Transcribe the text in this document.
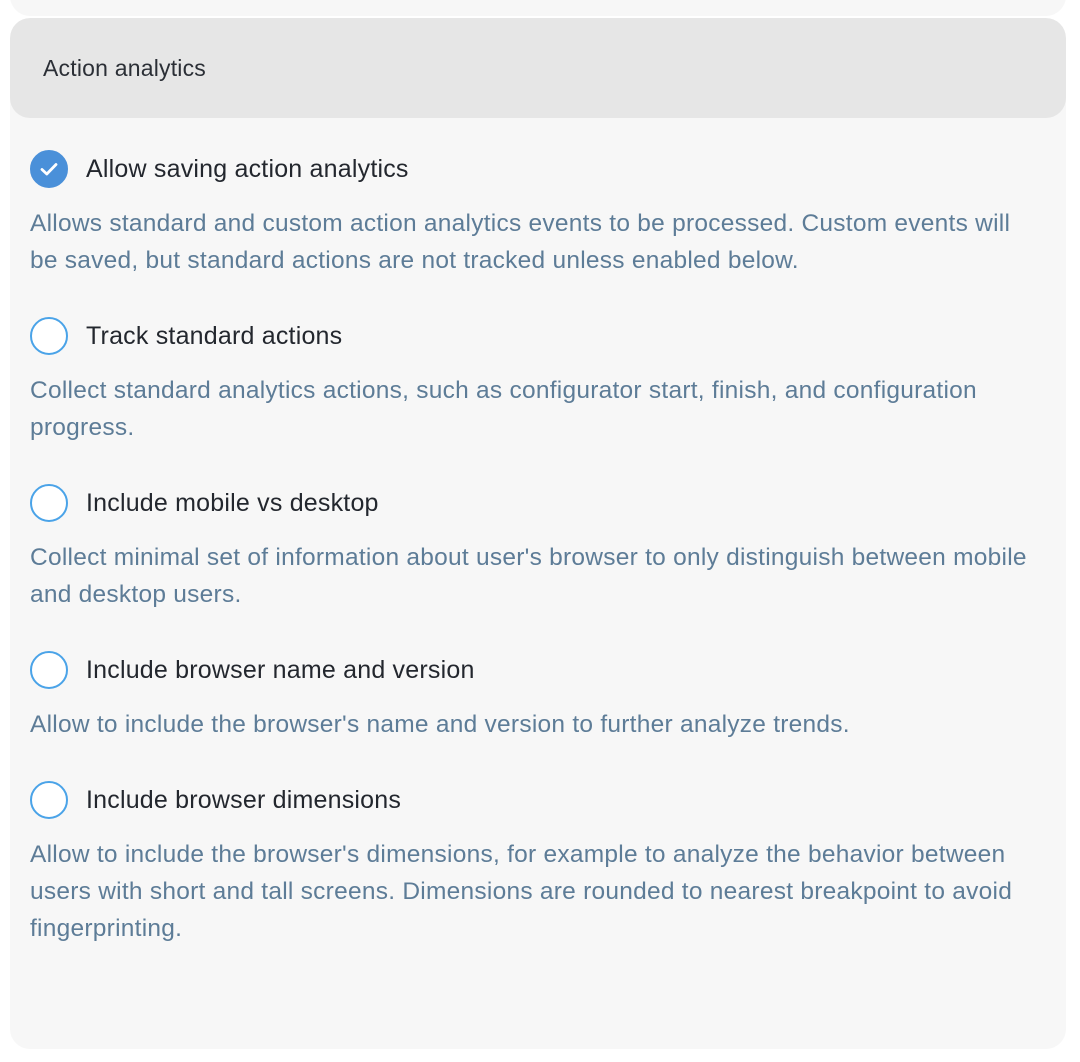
Action analytics
Allow saving action analytics
Allows standard and custom action analytics events to be processed. Custom events will be saved, but standard actions are not tracked unless enabled below.
Track standard actions
Collect standard analytics actions, such as configurator start, finish, and configuration progress.
Include mobile vs desktop
Collect minimal set of information about user's browser to only distinguish between mobile and desktop users.
Include browser name and version
Allow to include the browser's name and version to further analyze trends.
Include browser dimensions
Allow to include the browser's dimensions, for example to analyze the behavior between users with short and tall screens. Dimensions are rounded to nearest breakpoint to avoid fingerprinting.
